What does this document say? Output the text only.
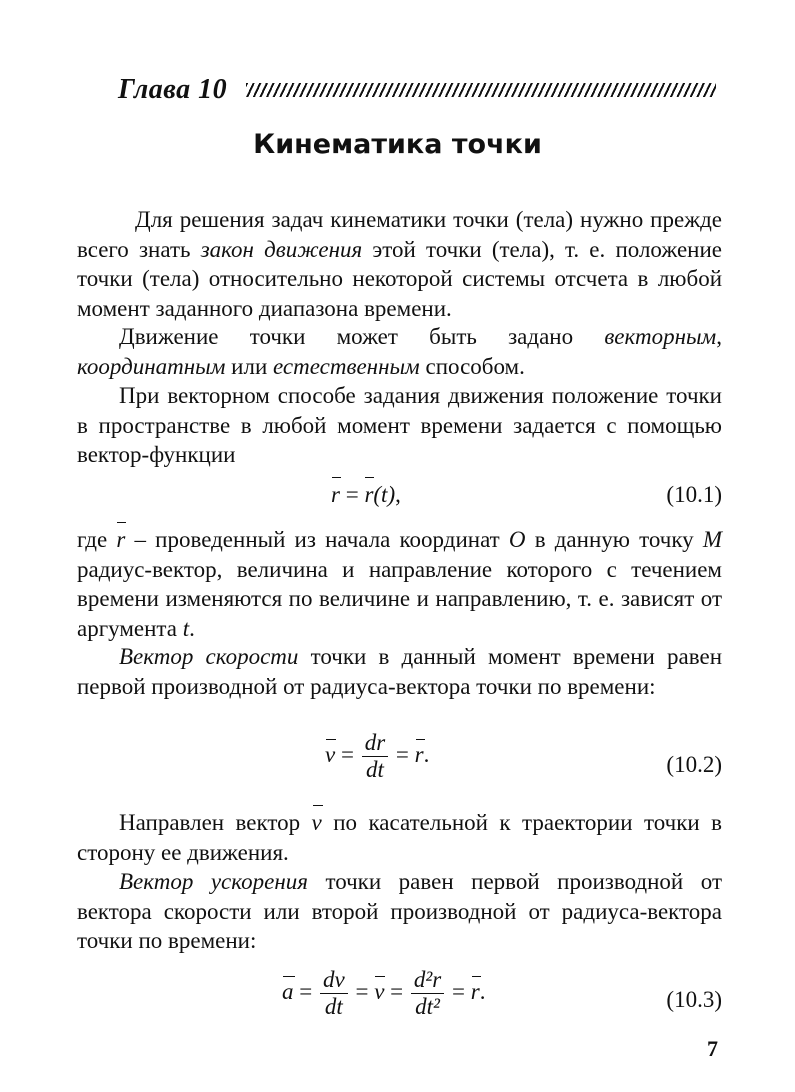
Глава 10
Кинематика точки

Для решения задач кинематики точки (тела) нужно прежде всего знать закон движения этой точки (тела), т. е. положение точки (тела) относительно некоторой системы отсчета в любой момент заданного диапазона времени.

Движение точки может быть задано векторным, координатным или естественным способом.

При векторном способе задания движения положение точки в пространстве в любой момент времени задается с помощью вектор-функции

r = r(t),	(10.1)

где r – проведенный из начала координат O в данную точку M радиус-вектор, величина и направление которого с течением времени изменяются по величине и направлению, т. е. зависят от аргумента t.

Вектор скорости точки в данный момент времени равен первой производной от радиуса-вектора точки по времени:

$v = \frac{dr}{dt} = r$.	(10.2)

Направлен вектор v по касательной к траектории точки в сторону ее движения.

Вектор ускорения точки равен первой производной от вектора скорости или второй производной от радиуса-вектора точки по времени:

$a = \frac{dv}{dt} = v = \frac{\text{d²r}}{\text{dt²}} = r$.	(10.3)
7
